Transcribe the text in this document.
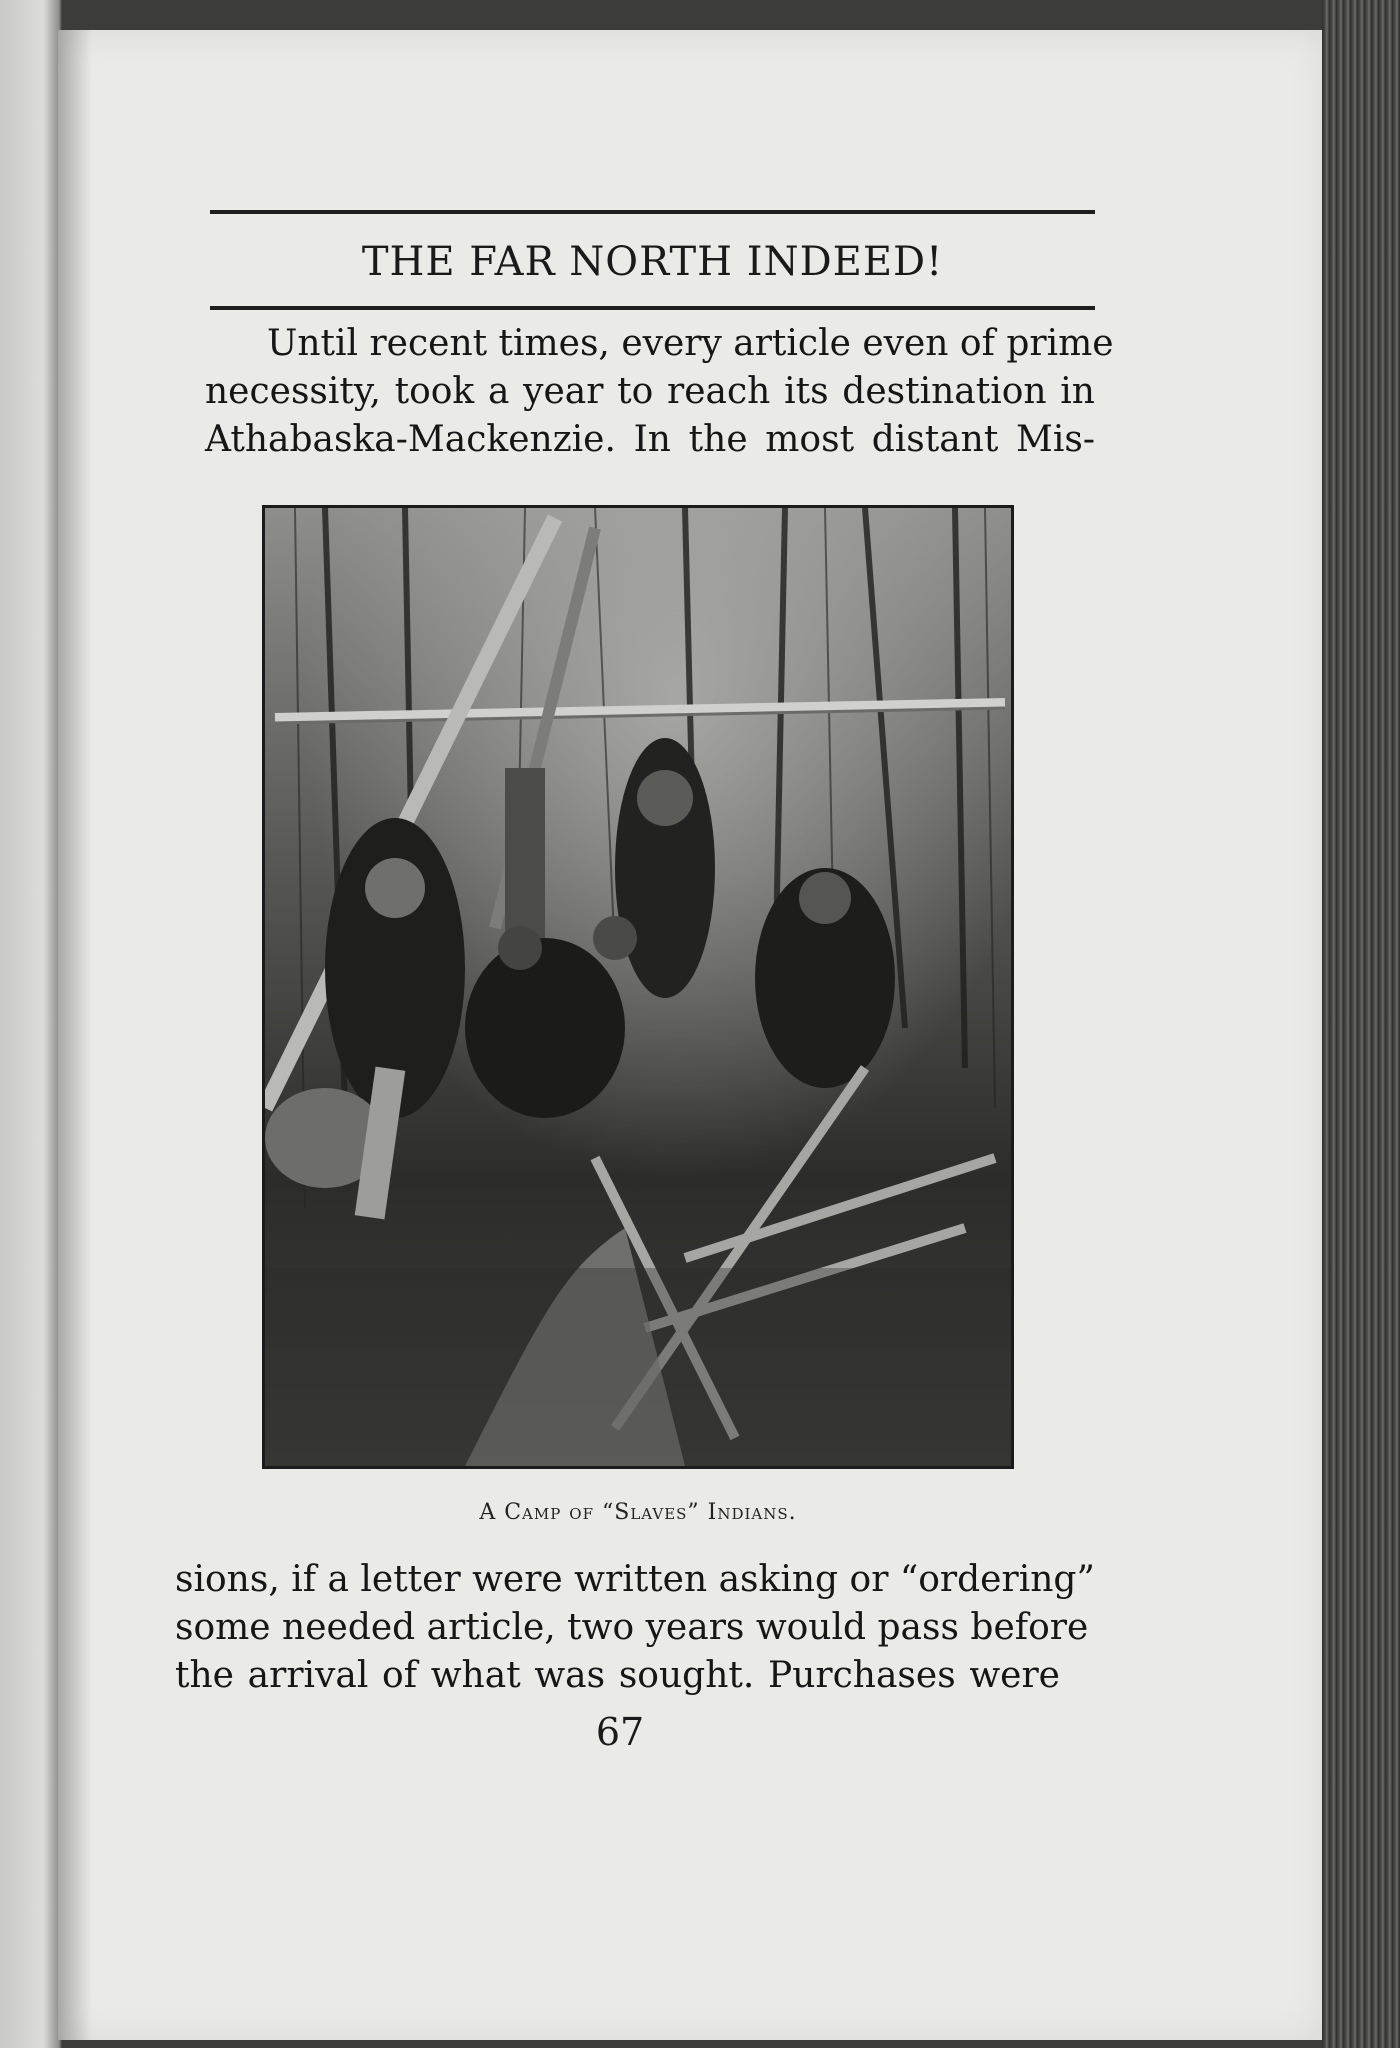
THE FAR NORTH INDEED!
Until recent times, every article even of prime
necessity, took a year to reach its destination in
Athabaska-Mackenzie. In the most distant Mis-
A Camp of “Slaves” Indians.
sions, if a letter were written asking or “ordering”
some needed article, two years would pass before
the arrival of what was sought. Purchases were
67
